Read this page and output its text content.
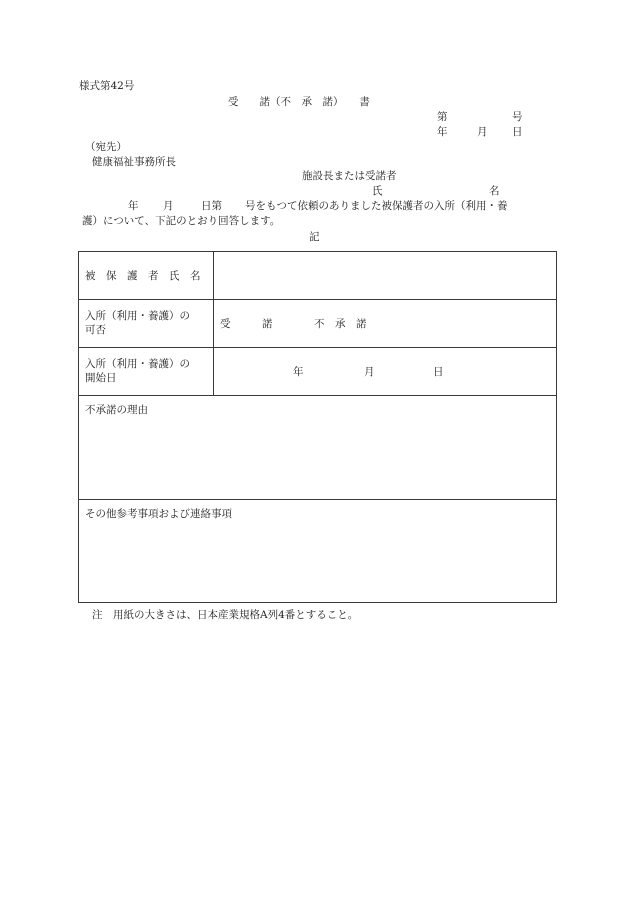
様式第42号
受　　諾（不　承　諾）　　書
第	号
年	月 日
（宛先）
健康福祉事務所長
施設長または受諾者
氏	名
年 月	日第 号をもつて依頼のありました被保護者の入所（利用・養
護）について、下記のとおり回答します。
記
被　保　護　者　氏　名
入所（利用・養護）の
可否	受　　　諾	不　承　諾
入所（利用・養護）の
開始日	年	月	日
不承諾の理由
その他参考事項および連絡事項
注　用紙の大きさは、日本産業規格A列4番とすること。
